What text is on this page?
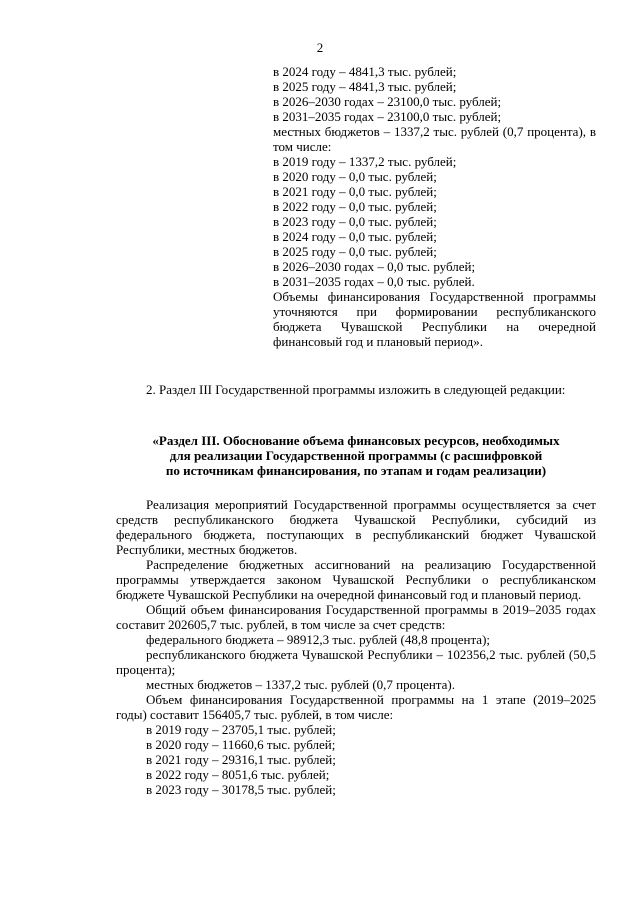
2
в 2024 году – 4841,3 тыс. рублей;
в 2025 году – 4841,3 тыс. рублей;
в 2026–2030 годах – 23100,0 тыс. рублей;
в 2031–2035 годах – 23100,0 тыс. рублей;
местных бюджетов – 1337,2 тыс. рублей (0,7 процента), в том числе:
в 2019 году – 1337,2 тыс. рублей;
в 2020 году – 0,0 тыс. рублей;
в 2021 году – 0,0 тыс. рублей;
в 2022 году – 0,0 тыс. рублей;
в 2023 году – 0,0 тыс. рублей;
в 2024 году – 0,0 тыс. рублей;
в 2025 году – 0,0 тыс. рублей;
в 2026–2030 годах – 0,0 тыс. рублей;
в 2031–2035 годах – 0,0 тыс. рублей.
Объемы финансирования Государственной программы уточняются при формировании республиканского бюджета Чувашской Республики на очередной финансовый год и плановый период».
2. Раздел III Государственной программы изложить в следующей редакции:
«Раздел III. Обоснование объема финансовых ресурсов, необходимых
для реализации Государственной программы (с расшифровкой
по источникам финансирования, по этапам и годам реализации)
Реализация мероприятий Государственной программы осуществляется за счет средств республиканского бюджета Чувашской Республики, субсидий из федерального бюджета, поступающих в республиканский бюджет Чувашской Республики, местных бюджетов.
Распределение бюджетных ассигнований на реализацию Государственной программы утверждается законом Чувашской Республики о республиканском бюджете Чувашской Республики на очередной финансовый год и плановый период.
Общий объем финансирования Государственной программы в 2019–2035 годах составит 202605,7 тыс. рублей, в том числе за счет средств:
федерального бюджета – 98912,3 тыс. рублей (48,8 процента);
республиканского бюджета Чувашской Республики – 102356,2 тыс. рублей (50,5 процента);
местных бюджетов – 1337,2 тыс. рублей (0,7 процента).
Объем финансирования Государственной программы на 1 этапе (2019–2025 годы) составит 156405,7 тыс. рублей, в том числе:
в 2019 году – 23705,1 тыс. рублей;
в 2020 году – 11660,6 тыс. рублей;
в 2021 году – 29316,1 тыс. рублей;
в 2022 году – 8051,6 тыс. рублей;
в 2023 году – 30178,5 тыс. рублей;
